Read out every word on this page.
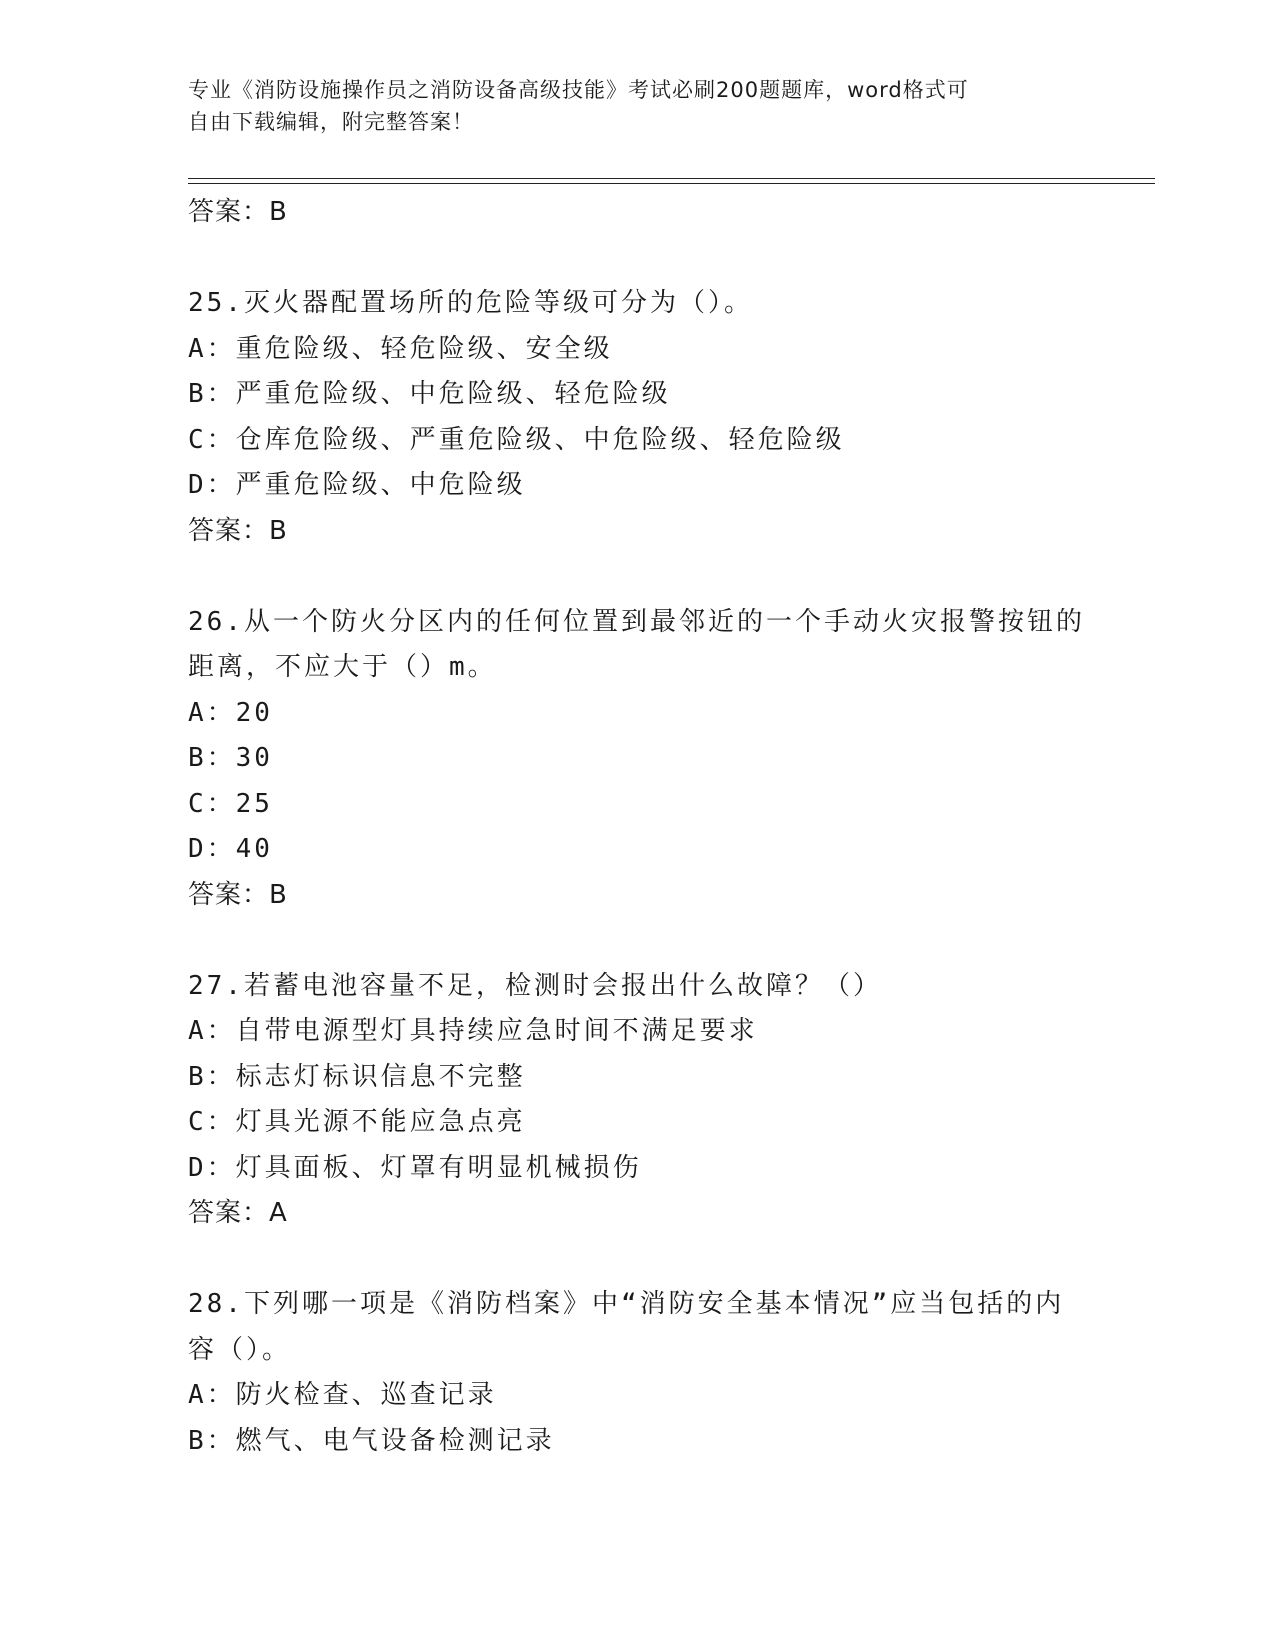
专业《消防设施操作员之消防设备高级技能》考试必刷200题题库，word格式可
自由下载编辑，附完整答案！
答案：B
25.灭火器配置场所的危险等级可分为（）。
A：重危险级、轻危险级、安全级
B：严重危险级、中危险级、轻危险级
C：仓库危险级、严重危险级、中危险级、轻危险级
D：严重危险级、中危险级
答案：B
26.从一个防火分区内的任何位置到最邻近的一个手动火灾报警按钮的
距离，不应大于（）m。
A：20
B：30
C：25
D：40
答案：B
27.若蓄电池容量不足，检测时会报出什么故障？（）
A：自带电源型灯具持续应急时间不满足要求
B：标志灯标识信息不完整
C：灯具光源不能应急点亮
D：灯具面板、灯罩有明显机械损伤
答案：A
28.下列哪一项是《消防档案》中“消防安全基本情况”应当包括的内
容（）。
A：防火检查、巡查记录
B：燃气、电气设备检测记录
